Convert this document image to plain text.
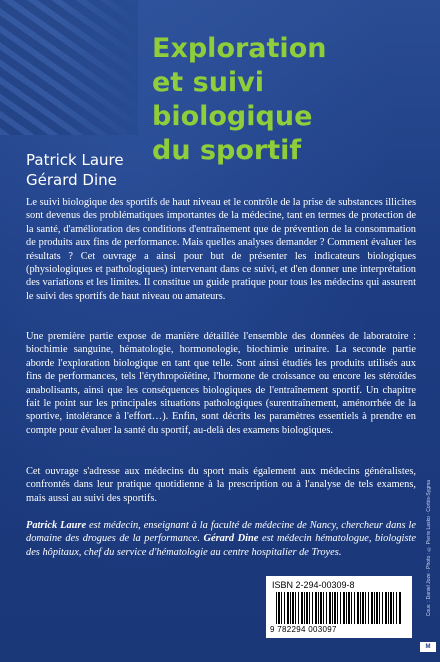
Exploration
et suivi
biologique
du sportif
Patrick Laure
Gérard Dine

Le suivi biologique des sportifs de haut niveau et le contrôle de la prise de substances illicites sont devenus des problématiques importantes de la médecine, tant en termes de protection de la santé, d'amélioration des conditions d'entraînement que de prévention de la consommation de produits aux fins de performance. Mais quelles analyses demander ? Comment évaluer les résultats ? Cet ouvrage a ainsi pour but de présenter les indicateurs biologiques (physiologiques et pathologiques) intervenant dans ce suivi, et d'en donner une interprétation des variations et les limites. Il constitue un guide pratique pour tous les médecins qui assurent le suivi des sportifs de haut niveau ou amateurs.

Une première partie expose de manière détaillée l'ensemble des données de laboratoire : biochimie sanguine, hématologie, hormonologie, biochimie urinaire. La seconde partie aborde l'exploration biologique en tant que telle. Sont ainsi étudiés les produits utilisés aux fins de performances, tels l'érythropoïétine, l'hormone de croissance ou encore les stéroïdes anabolisants, ainsi que les conséquences biologiques de l'entraînement sportif. Un chapitre fait le point sur les principales situations pathologiques (surentraînement, aménorrhée de la sportive, intolérance à l'effort…). Enfin, sont décrits les paramètres essentiels à prendre en compte pour évaluer la santé du sportif, au-delà des examens biologiques.

Cet ouvrage s'adresse aux médecins du sport mais également aux médecins généralistes, confrontés dans leur pratique quotidienne à la prescription ou à l'analyse de tels examens, mais aussi au suivi des sportifs.

Patrick Laure est médecin, enseignant à la faculté de médecine de Nancy, chercheur dans le domaine des drogues de la performance. Gérard Dine est médecin hématologue, biologiste des hôpitaux, chef du service d'hématologie au centre hospitalier de Troyes.

ISBN 2-294-00309-8
9 782294 003097
Couv. : Daniel Joze · Photo : © Pierre Lasko · Corbis-Sygma
M
